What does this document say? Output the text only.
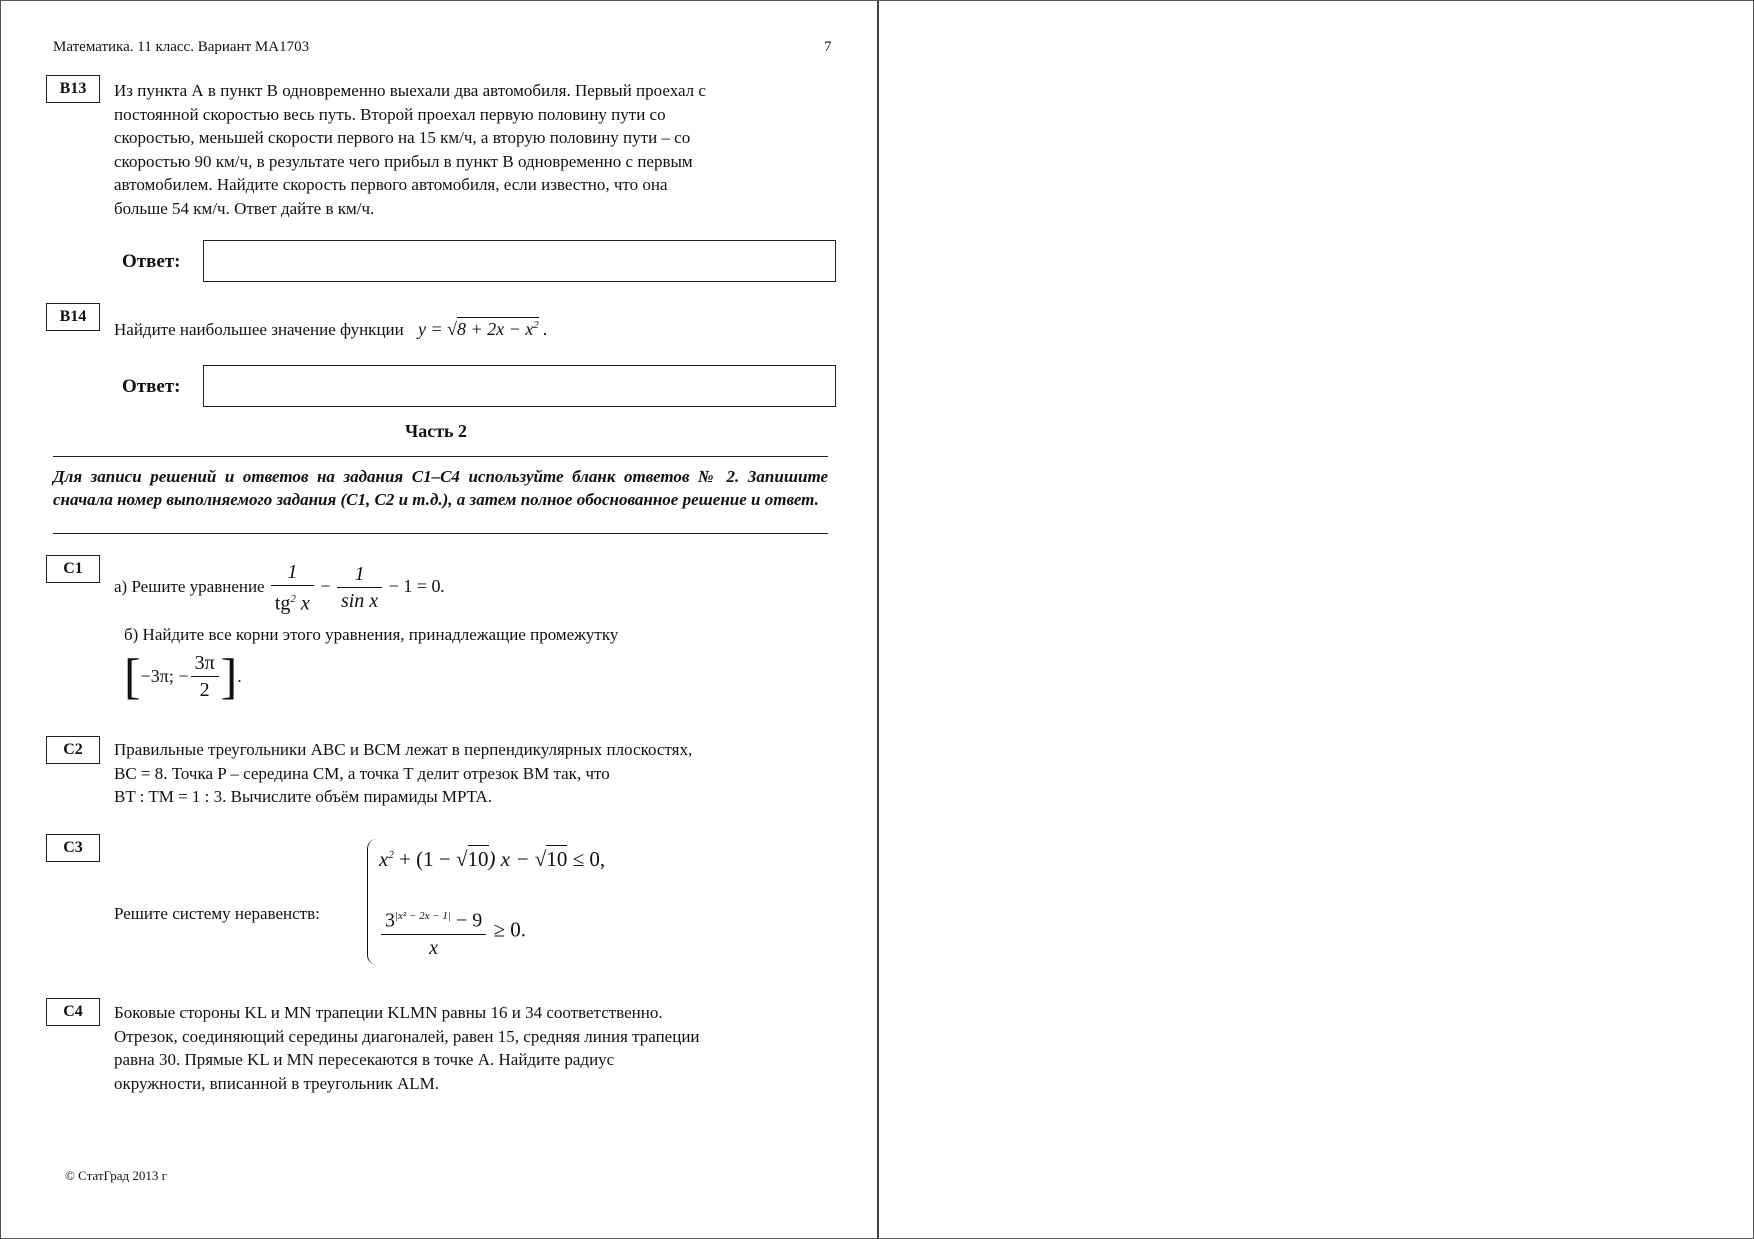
Математика. 11 класс. Вариант МА1703	7
B13	Из пункта А в пункт В одновременно выехали два автомобиля. Первый проехал с
постоянной скоростью весь путь. Второй проехал первую половину пути со
скоростью, меньшей скорости первого на 15 км/ч, а вторую половину пути – со
скоростью 90 км/ч, в результате чего прибыл в пункт В одновременно с первым
автомобилем. Найдите скорость первого автомобиля, если известно, что она
больше 54 км/ч. Ответ дайте в км/ч.
Ответ:
B14
Найдите наибольшее значение функции $y = √8 + 2x - x^2$ .
Ответ:
Часть 2
Для записи решений и ответов на задания С1–С4 используйте бланк ответов № 2. Запишите сначала номер выполняемого задания (С1, С2 и т.д.), а затем полное обоснованное решение и ответ.
C1
а) Решите уравнение $\frac{1}{tg^2 x} - \frac{1}{\text{sin x}} - 1 = 0$.
б) Найдите все корни этого уравнения, принадлежащие промежутку
[−3π; − $\frac{3\pi}{2}$ ].
C2	Правильные треугольники ABC и BCM лежат в перпендикулярных плоскостях,
BC = 8. Точка P – середина CM, а точка T делит отрезок BM так, что
BT : TM = 1 : 3. Вычислите объём пирамиды MPTA.
C3
Решите систему неравенств:
$x^2 + (1 - √10) x - √10 \le 0$,
$\frac{3^{|x^2 - 2x - 1|} - 9}{x} \ge 0$.
C4	Боковые стороны KL и MN трапеции KLMN равны 16 и 34 соответственно.
Отрезок, соединяющий середины диагоналей, равен 15, средняя линия трапеции
равна 30. Прямые KL и MN пересекаются в точке A. Найдите радиус
окружности, вписанной в треугольник ALM.
© СтатГрад 2013 г
